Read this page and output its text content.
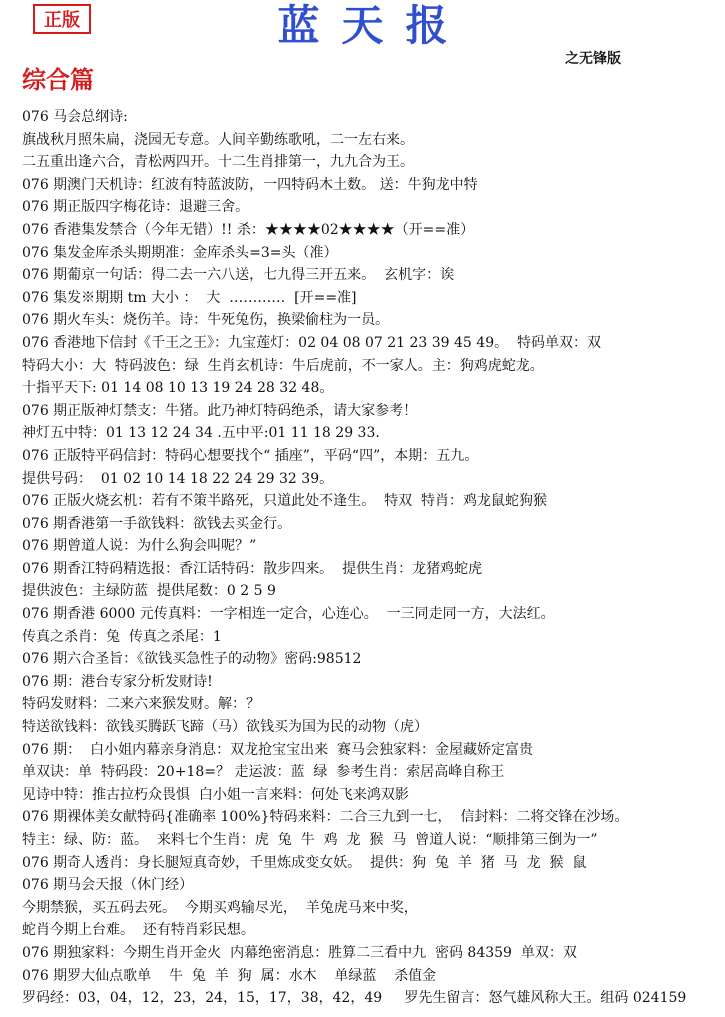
正版	蓝天报
之无锋版
综合篇
076 马会总纲诗:
旗战秋月照朱扁，浇园无专意。人间辛勤练歌吼，二一左右来。
二五重出逢六合，青松两四开。十二生肖排第一，九九合为王。
076 期澳门天机诗：红波有特蓝波防，一四特码木土数。 送：牛狗龙中特
076 期正版四字梅花诗：退避三舍。
076 香港集发禁合（今年无错）!! 杀：★★★★02★★★★（开==准）
076 集发金库杀头期期准：金库杀头=3=头（准）
076 期葡京一句话：得二去一六八送，七九得三开五来。  玄机字：诶
076 集发※期期 tm 大小 ：  大  …………  [开==准]
076 期火车头：烧伤羊。诗：牛死兔伤，换梁偷柱为一员。
076 香港地下信封《千王之王》：九宝莲灯：02 04 08 07 21 23 39 45 49。  特码单双：双
特码大小：大  特码波色：绿  生肖玄机诗：牛后虎前，不一家人。主：狗鸡虎蛇龙。
十指平天下: 01 14 08 10 13 19 24 28 32 48。
076 期正版神灯禁支：牛猪。此乃神灯特码绝杀，请大家参考！
神灯五中特：01 13 12 24 34 .五中平:01 11 18 29 33.
076 正版特平码信封：特码心想要找个“ 插座”，平码“四”，本期：五九。
提供号码：  01 02 10 14 18 22 24 29 32 39。
076 正版火烧玄机：若有不策半路死，只道此处不逢生。  特双  特肖：鸡龙鼠蛇狗猴
076 期香港第一手欲钱料：欲钱去买金行。
076 期曾道人说：为什么狗会叫呢？”
076 期香江特码精选报：香江话特码：散步四来。  提供生肖：龙猪鸡蛇虎
提供波色：主绿防蓝  提供尾数：0 2 5 9
076 期香港 6000 元传真料：一字相连一定合，心连心。  一三同走同一方，大法红。
传真之杀肖：兔  传真之杀尾：1
076 期六合圣旨：《欲钱买急性子的动物》密码:98512
076 期：港台专家分析发财诗!
特码发财料：二来六来猴发财。解：？
特送欲钱料：欲钱买腾跃飞蹄（马）欲钱买为国为民的动物（虎）
076 期：  白小姐内幕亲身消息：双龙抢宝宝出来  赛马会独家料：金屋藏娇定富贵
单双诀：单  特码段：20+18=？ 走运波：蓝  绿  参考生肖：索居高峰自称王
见诗中特：推古拉朽众畏惧  白小姐一言来料：何处飞来鸿双影
076 期裸体美女献特码{准确率 100%}特码来料：二合三九到一七，  信封料：二将交锋在沙场。
特主：绿、防：蓝。  来料七个生肖：虎  兔  牛  鸡  龙  猴  马  曾道人说：“顺排第三倒为一”
076 期奇人透肖：身长腿短真奇妙，千里炼成变女妖。  提供：狗  兔  羊  猪  马  龙  猴  鼠
076 期马会天报（休门经）
今期禁猴，买五码去死。  今期买鸡输尽光，  羊兔虎马来中奖，
蛇肖今期上台难。  还有特肖彩民想。
076 期独家料：今期生肖开金火  内幕绝密消息：胜算二三看中九  密码 84359  单双：双
076 期罗大仙点歌单    牛  兔  羊  狗  属：水木    单绿蓝    杀值金
罗码经：03，04，12，23，24，15，17，38，42，49     罗先生留言：怒气雄风称大王。组码 024159
